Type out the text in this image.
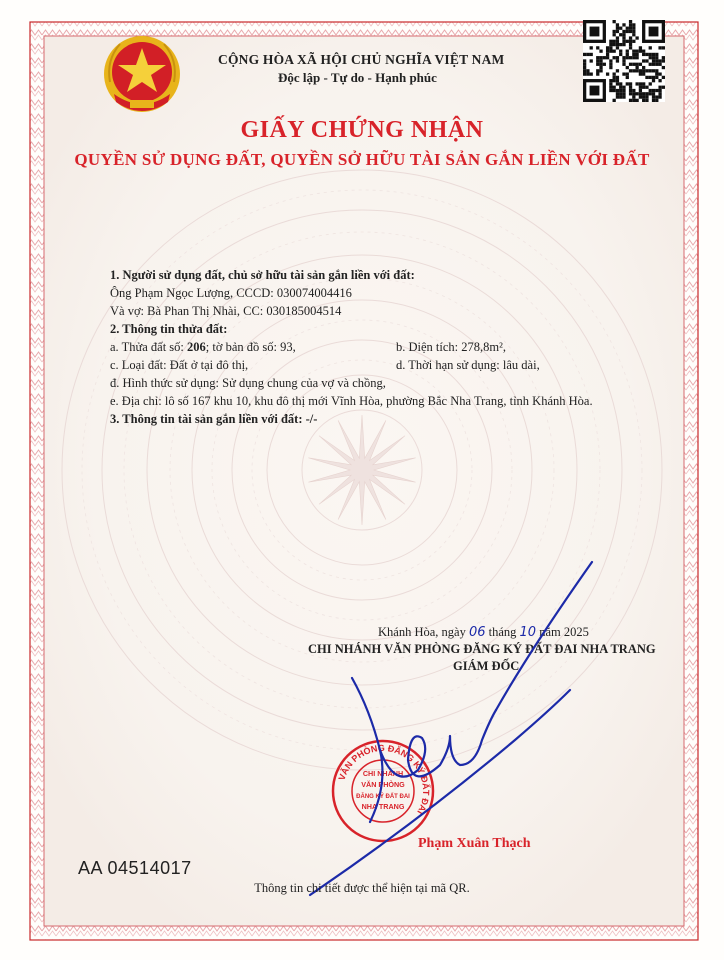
CỘNG HÒA XÃ HỘI CHỦ NGHĨA VIỆT NAM
Độc lập - Tự do - Hạnh phúc
GIẤY CHỨNG NHẬN
QUYỀN SỬ DỤNG ĐẤT, QUYỀN SỞ HỮU TÀI SẢN GẮN LIỀN VỚI ĐẤT
1. Người sử dụng đất, chủ sở hữu tài sản gắn liền với đất:
Ông Phạm Ngọc Lượng, CCCD: 030074004416
Và vợ: Bà Phan Thị Nhài, CC: 030185004514
2. Thông tin thửa đất:
a. Thửa đất số: 206; tờ bản đồ số: 93,	b. Diện tích: 278,8m²,
c. Loại đất: Đất ở tại đô thị,	d. Thời hạn sử dụng: lâu dài,
đ. Hình thức sử dụng: Sử dụng chung của vợ và chồng,
e. Địa chỉ: lô số 167 khu 10, khu đô thị mới Vĩnh Hòa, phường Bắc Nha Trang, tỉnh Khánh Hòa.
3. Thông tin tài sản gắn liền với đất: -/-
Khánh Hòa, ngày 06 tháng 10 năm 2025
CHI NHÁNH VĂN PHÒNG ĐĂNG KÝ ĐẤT ĐAI NHA TRANG
GIÁM ĐỐC
VĂN PHÒNG ĐĂNG KÝ ĐẤT ĐAI
CHI NHÁNH
VĂN PHÒNG
ĐĂNG KÝ ĐẤT ĐAI
NHA TRANG
Phạm Xuân Thạch
AA 04514017
Thông tin chi tiết được thể hiện tại mã QR.
